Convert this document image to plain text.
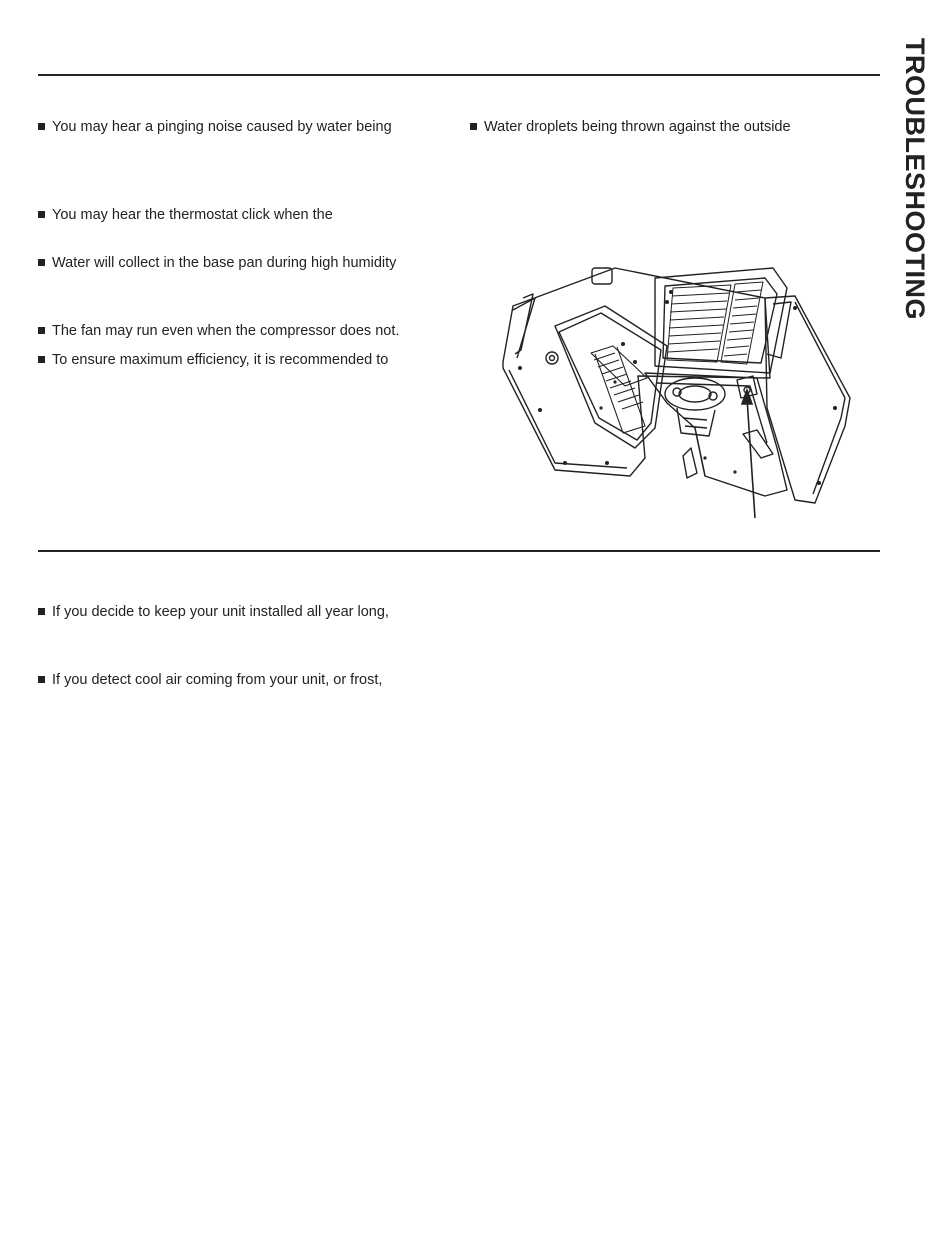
TROUBLESHOOTING
You may hear a pinging noise caused by water being
You may hear the thermostat click when the
Water will collect in the base pan during high humidity
The fan may run even when the compressor does not.
To ensure maximum efficiency, it is recommended to
Water droplets being thrown against the outside
If you decide to keep your unit installed all year long,
If you detect cool air coming from your unit, or frost,
